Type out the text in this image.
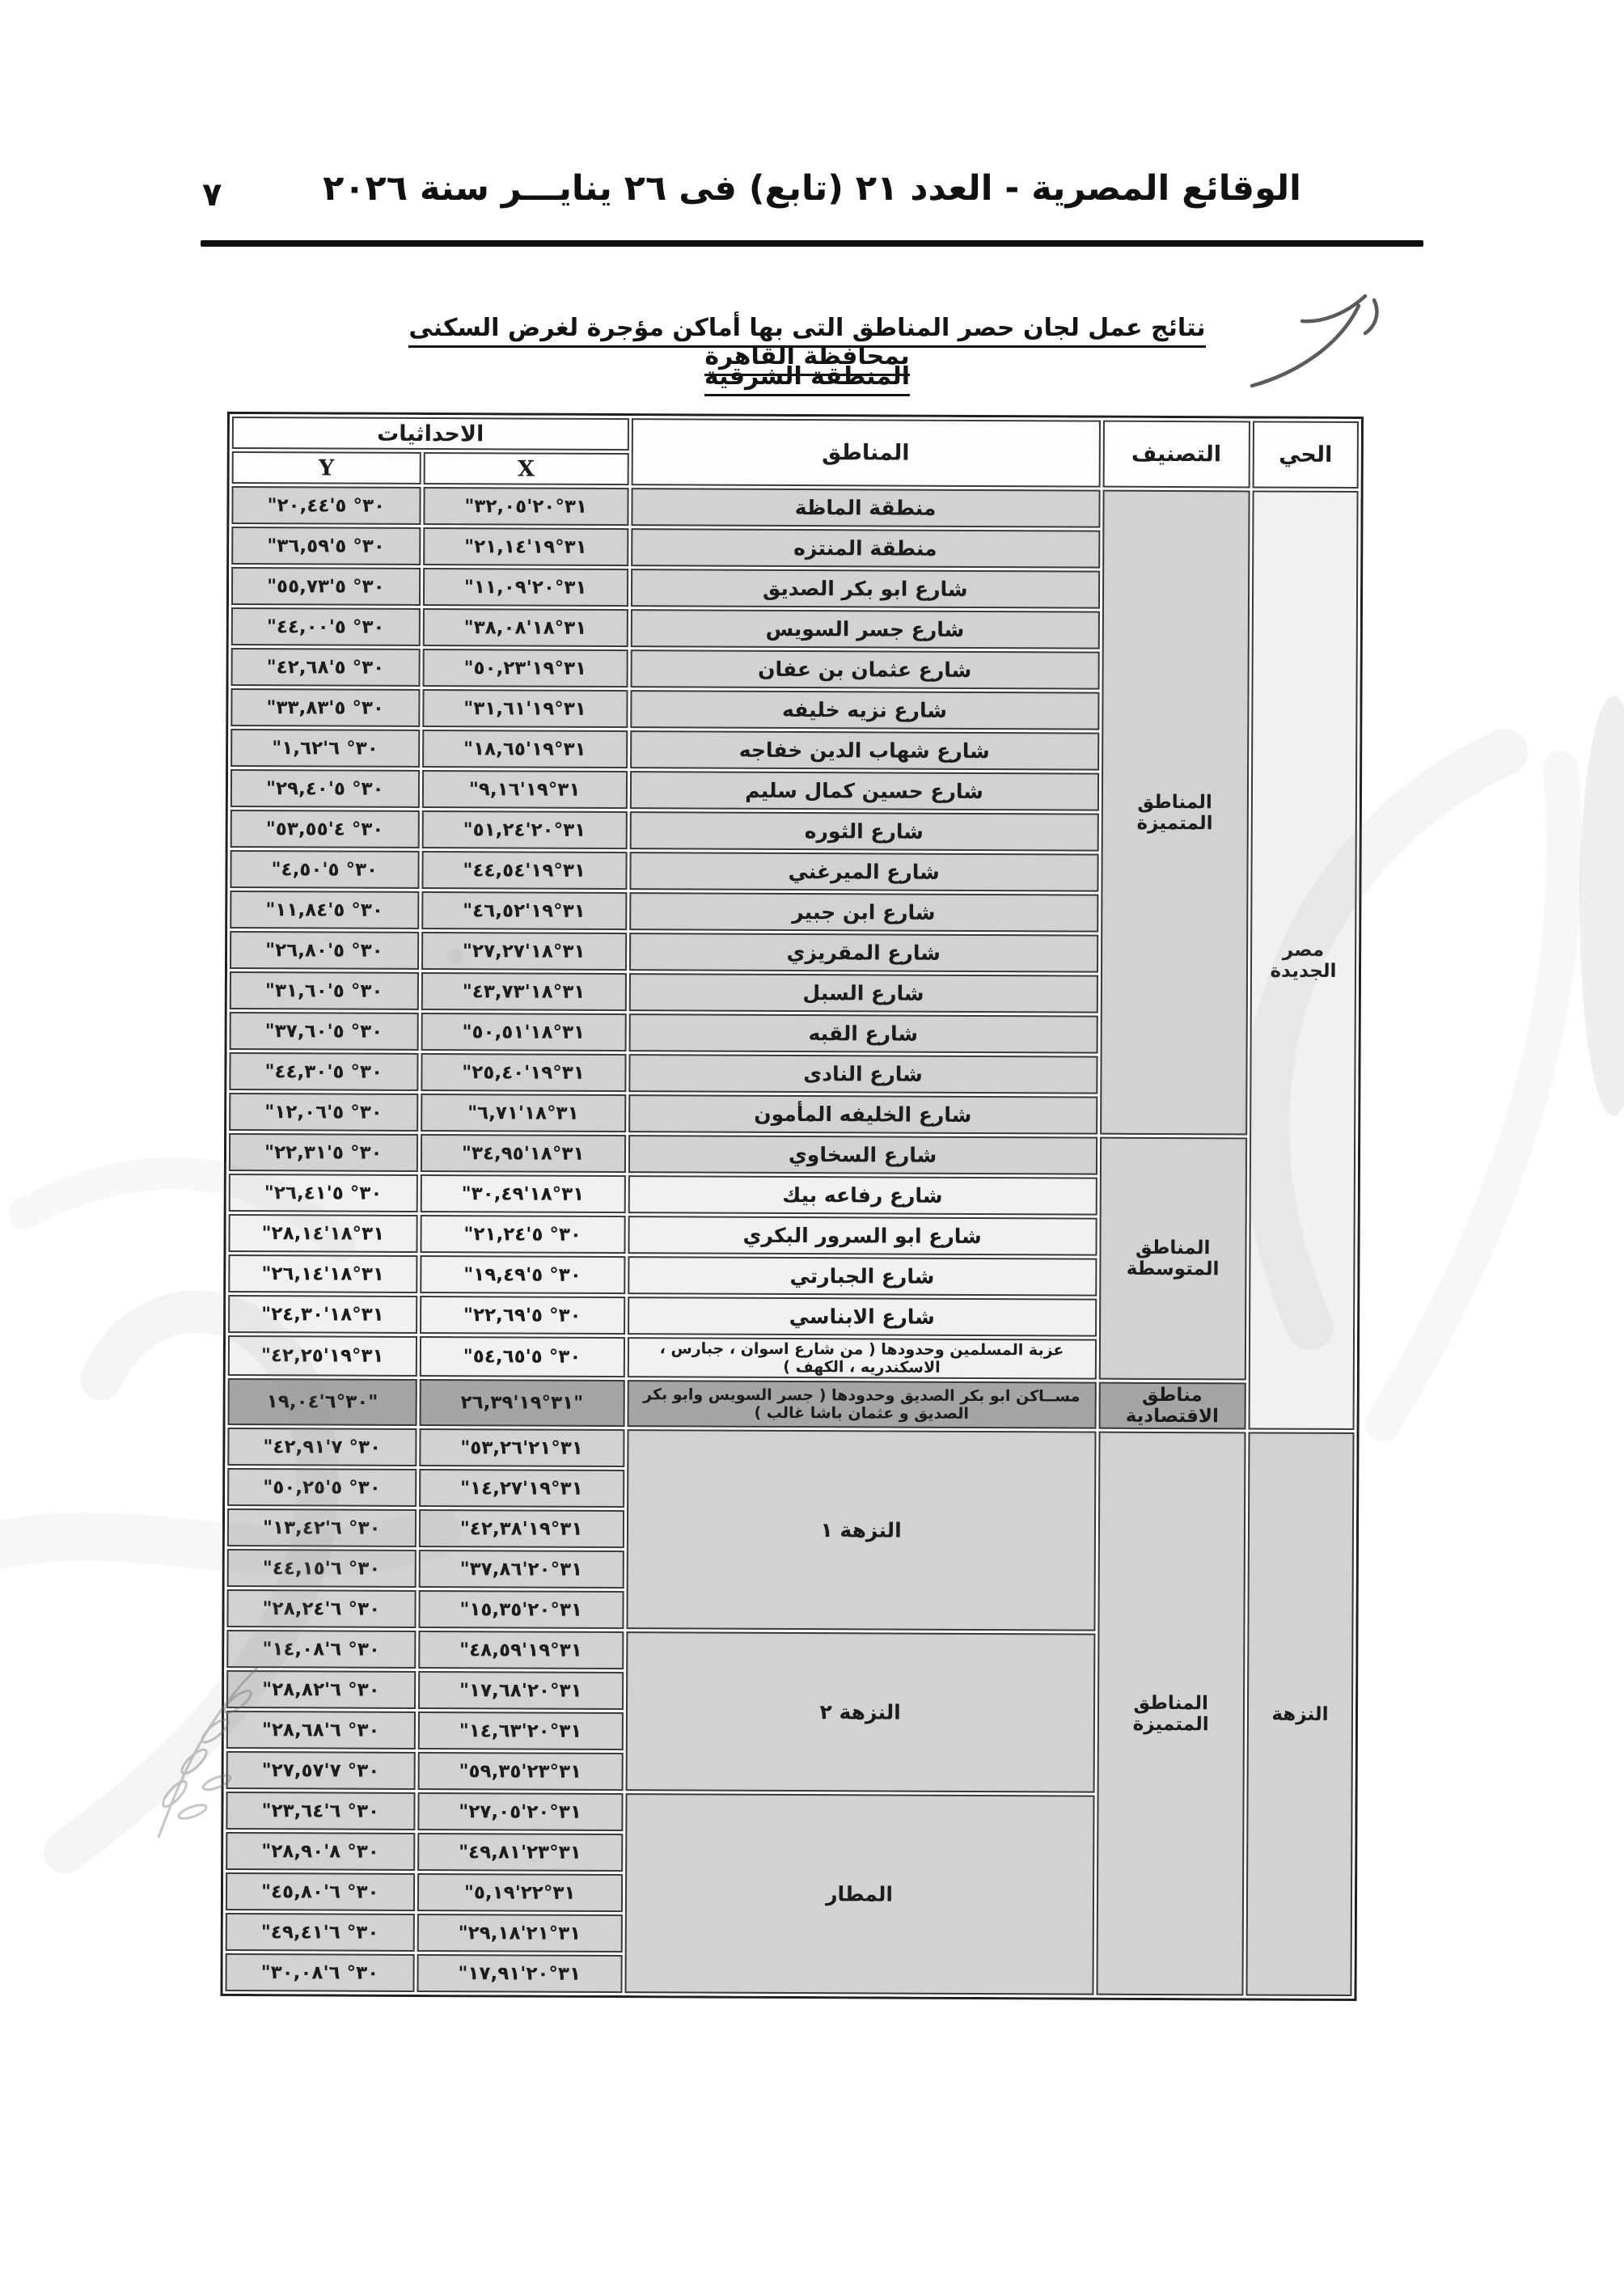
الوقائع المصرية - العدد ٢١ (تابع) فى ٢٦ ينايـــر سنة ٢٠٢٦
٧
نتائج عمل لجان حصر المناطق التى بها أماكن مؤجرة لغرض السكنى بمحافظة القاهرة
المنطقة الشرقية
الحي	التصنيف	المناطق	الاحداثيات	
			X	Y
مصر الجديدة	المناطق المتميزة	منطقة الماظة	٣١°٢٠'٣٢,٠٥"	٣٠° ٥'٢٠,٤٤"
		منطقة المنتزه	٣١°١٩'٢١,١٤"	٣٠° ٥'٣٦,٥٩"
		شارع ابو بكر الصديق	٣١°٢٠'١١,٠٩"	٣٠° ٥'٥٥,٧٣"
		شارع جسر السويس	٣١°١٨'٣٨,٠٨"	٣٠° ٥'٤٤,٠٠"
		شارع عثمان بن عفان	٣١°١٩'٥٠,٢٣"	٣٠° ٥'٤٢,٦٨"
		شارع نزيه خليفه	٣١°١٩'٣١,٦١"	٣٠° ٥'٣٣,٨٣"
		شارع شهاب الدين خفاجه	٣١°١٩'١٨,٦٥"	٣٠° ٦'١,٦٢"
		شارع حسين كمال سليم	٣١°١٩'٩,١٦"	٣٠° ٥'٢٩,٤٠"
		شارع الثوره	٣١°٢٠'٥١,٢٤"	٣٠° ٤'٥٣,٥٥"
		شارع الميرغني	٣١°١٩'٤٤,٥٤"	٣٠° ٥'٤,٥٠"
		شارع ابن جبير	٣١°١٩'٤٦,٥٢"	٣٠° ٥'١١,٨٤"
		شارع المقريزي	٣١°١٨'٢٧,٢٧"	٣٠° ٥'٢٦,٨٠"
		شارع السبل	٣١°١٨'٤٣,٧٣"	٣٠° ٥'٣١,٦٠"
		شارع القبه	٣١°١٨'٥٠,٥١"	٣٠° ٥'٣٧,٦٠"
		شارع النادى	٣١°١٩'٢٥,٤٠"	٣٠° ٥'٤٤,٣٠"
		شارع الخليفه المأمون	٣١°١٨'٦,٧١"	٣٠° ٥'١٢,٠٦"
	المناطق المتوسطة	شارع السخاوي	٣١°١٨'٣٤,٩٥"	٣٠° ٥'٢٢,٣١"
		شارع رفاعه بيك	٣١°١٨'٣٠,٤٩"	٣٠° ٥'٢٦,٤١"
		شارع ابو السرور البكري	٣٠° ٥'٢١,٢٤"	٣١°١٨'٢٨,١٤"
		شارع الجبارتي	٣٠° ٥'١٩,٤٩"	٣١°١٨'٢٦,١٤"
		شارع الابناسي	٣٠° ٥'٢٢,٦٩"	٣١°١٨'٢٤,٣٠"
		عزبة المسلمين وحدودها ( من شارع اسوان ، جبارس ، الاسكندريه ، الكهف )	٣٠° ٥'٥٤,٦٥"	٣١°١٩'٤٢,٢٥"
	مناطق الاقتصادية	مســاكن ابو بكر الصديق وحدودها ( جسر السويس وابو بكر الصديق و عثمان باشا غالب )	٣١°١٩'٢٦,٣٩"	٣٠°٦'١٩,٠٤"
النزهة	المناطق المتميزة	النزهة ١	٣١°٢١'٥٣,٢٦"	٣٠° ٧'٤٢,٩١"
			٣١°١٩'١٤,٢٧"	٣٠° ٥'٥٠,٢٥"
			٣١°١٩'٤٢,٣٨"	٣٠° ٦'١٣,٤٢"
			٣١°٢٠'٣٧,٨٦"	٣٠° ٦'٤٤,١٥"
			٣١°٢٠'١٥,٣٥"	٣٠° ٦'٢٨,٢٤"
		النزهة ٢	٣١°١٩'٤٨,٥٩"	٣٠° ٦'١٤,٠٨"
			٣١°٢٠'١٧,٦٨"	٣٠° ٦'٢٨,٨٢"
			٣١°٢٠'١٤,٦٣"	٣٠° ٦'٢٨,٦٨"
			٣١°٢٣'٥٩,٣٥"	٣٠° ٧'٢٧,٥٧"
		المطار	٣١°٢٠'٢٧,٠٥"	٣٠° ٦'٢٣,٦٤"
			٣١°٢٣'٤٩,٨١"	٣٠° ٨'٢٨,٩٠"
			٣١°٢٢'٥,١٩"	٣٠° ٦'٤٥,٨٠"
			٣١°٢١'٢٩,١٨"	٣٠° ٦'٤٩,٤١"
			٣١°٢٠'١٧,٩١"	٣٠° ٦'٣٠,٠٨"
